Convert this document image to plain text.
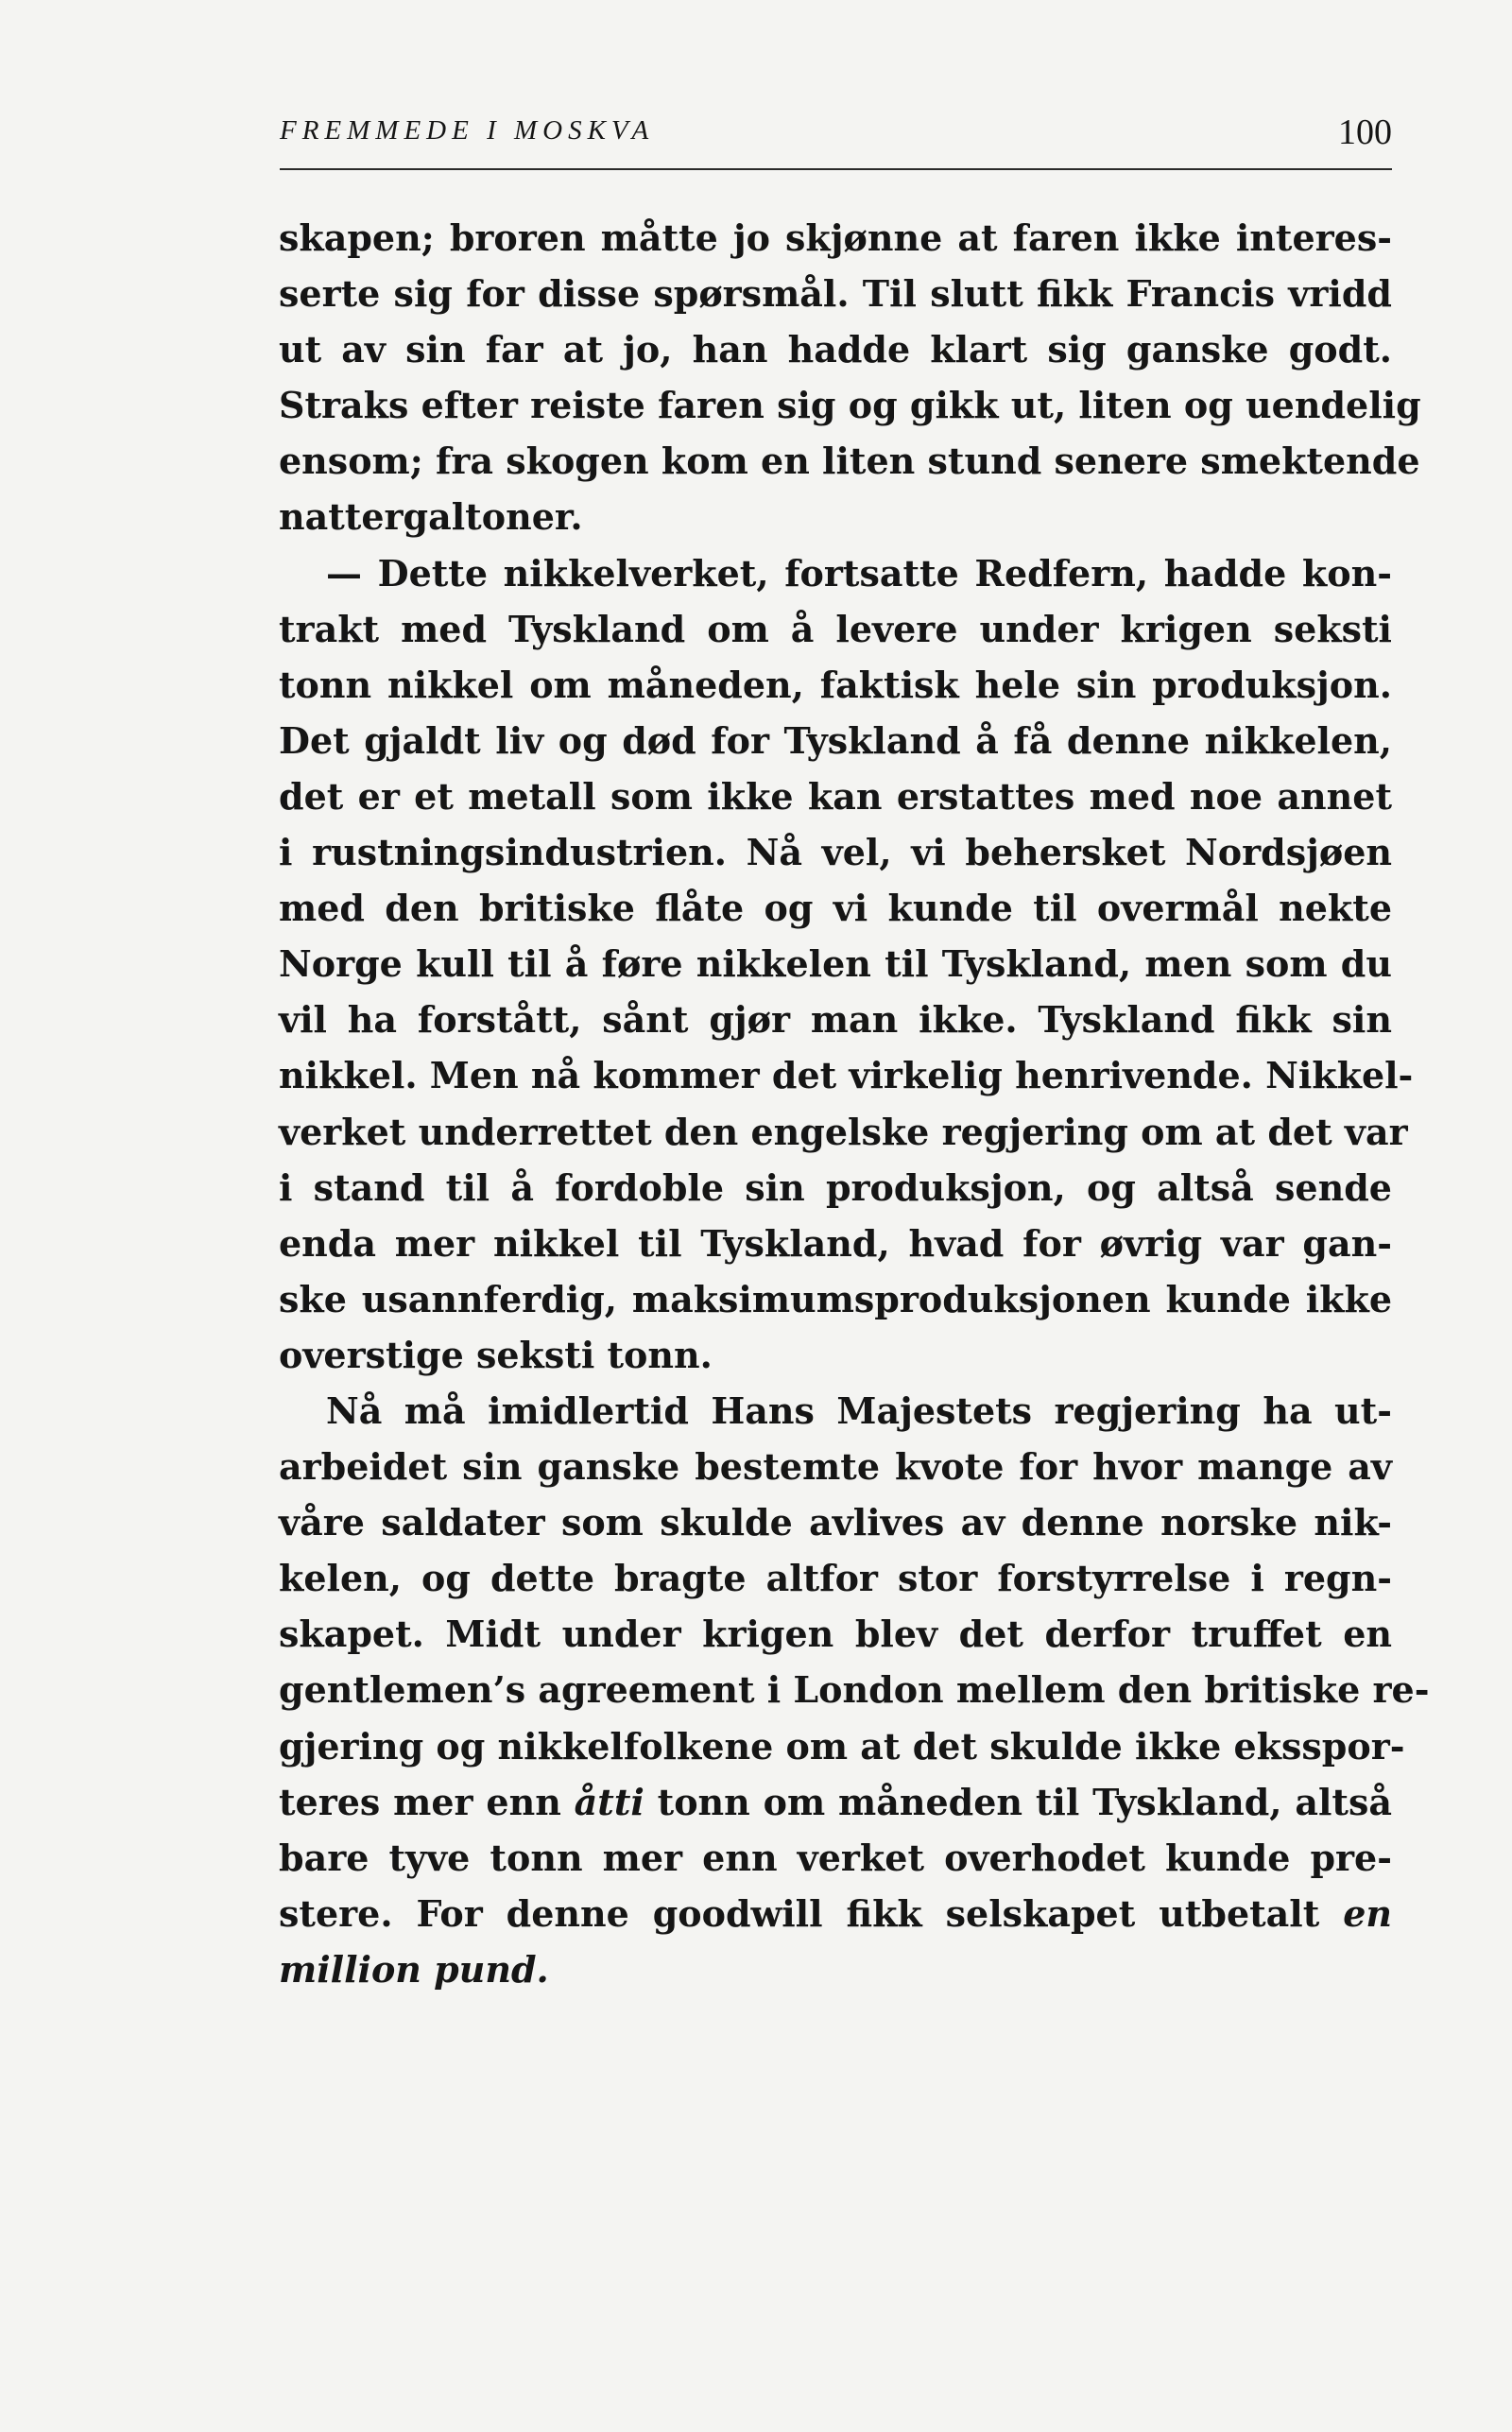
FREMMEDE I MOSKVA	100
skapen; broren måtte jo skjønne at faren ikke interes-
serte sig for disse spørsmål. Til slutt fikk Francis vridd
ut av sin far at jo, han hadde klart sig ganske godt.
Straks efter reiste faren sig og gikk ut, liten og uendelig
ensom; fra skogen kom en liten stund senere smektende
nattergaltoner.
— Dette nikkelverket, fortsatte Redfern, hadde kon-
trakt med Tyskland om å levere under krigen seksti
tonn nikkel om måneden, faktisk hele sin produksjon.
Det gjaldt liv og død for Tyskland å få denne nikkelen,
det er et metall som ikke kan erstattes med noe annet
i rustningsindustrien. Nå vel, vi behersket Nordsjøen
med den britiske flåte og vi kunde til overmål nekte
Norge kull til å føre nikkelen til Tyskland, men som du
vil ha forstått, sånt gjør man ikke. Tyskland fikk sin
nikkel. Men nå kommer det virkelig henrivende. Nikkel-
verket underrettet den engelske regjering om at det var
i stand til å fordoble sin produksjon, og altså sende
enda mer nikkel til Tyskland, hvad for øvrig var gan-
ske usannferdig, maksimumsproduksjonen kunde ikke
overstige seksti tonn.
Nå må imidlertid Hans Majestets regjering ha ut-
arbeidet sin ganske bestemte kvote for hvor mange av
våre saldater som skulde avlives av denne norske nik-
kelen, og dette bragte altfor stor forstyrrelse i regn-
skapet. Midt under krigen blev det derfor truffet en
gentlemen’s agreement i London mellem den britiske re-
gjering og nikkelfolkene om at det skulde ikke eksspor-
teres mer enn åtti tonn om måneden til Tyskland, altså
bare tyve tonn mer enn verket overhodet kunde pre-
stere. For denne goodwill fikk selskapet utbetalt en
million pund.
